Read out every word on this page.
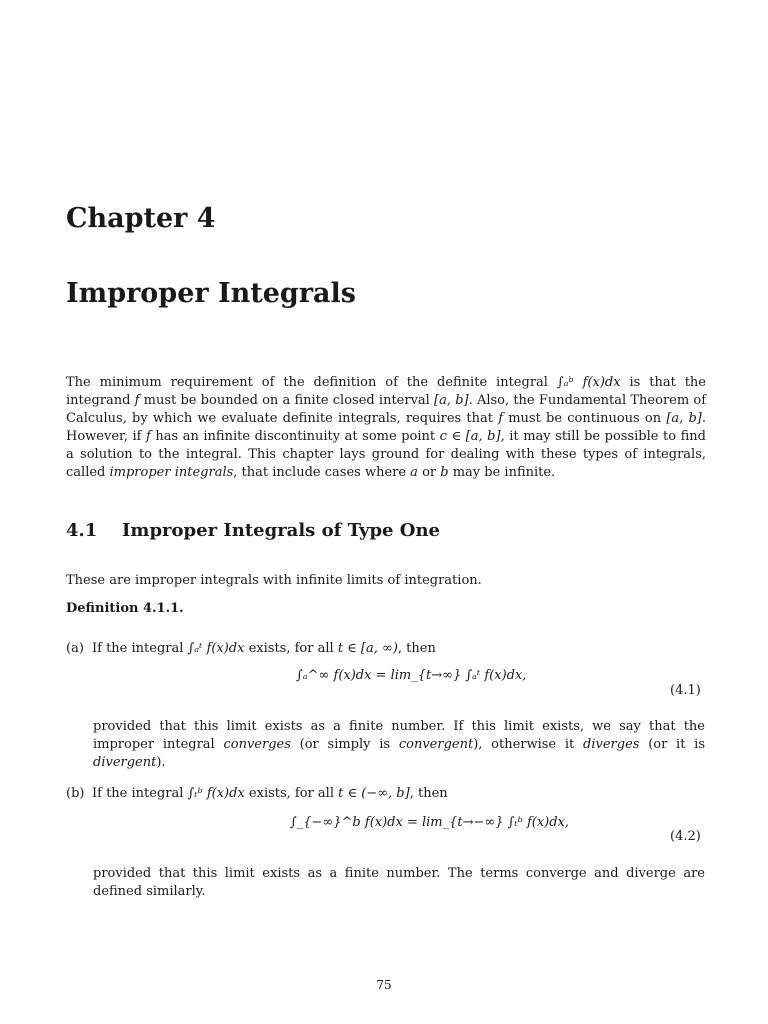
Chapter 4
Improper Integrals

The minimum requirement of the definition of the definite integral ∫ₐᵇ f(x)dx is that the integrand f must be bounded on a finite closed interval [a, b]. Also, the Fundamental Theorem of Calculus, by which we evaluate definite integrals, requires that f must be continuous on [a, b]. However, if f has an infinite discontinuity at some point c ∈ [a, b], it may still be possible to find a solution to the integral. This chapter lays ground for dealing with these types of integrals, called improper integrals, that include cases where a or b may be infinite.

4.1 Improper Integrals of Type One

These are improper integrals with infinite limits of integration.

Definition 4.1.1.

(a) If the integral ∫ₐᵗ f(x)dx exists, for all t ∈ [a, ∞), then

∫ₐ^∞ f(x)dx = lim_{t→∞} ∫ₐᵗ f(x)dx,
(4.1)

provided that this limit exists as a finite number. If this limit exists, we say that the improper integral converges (or simply is convergent), otherwise it diverges (or it is divergent).

(b) If the integral ∫ₜᵇ f(x)dx exists, for all t ∈ (−∞, b], then

∫_{−∞}^b f(x)dx = lim_{t→−∞} ∫ₜᵇ f(x)dx,
(4.2)

provided that this limit exists as a finite number. The terms converge and diverge are defined similarly.

75
